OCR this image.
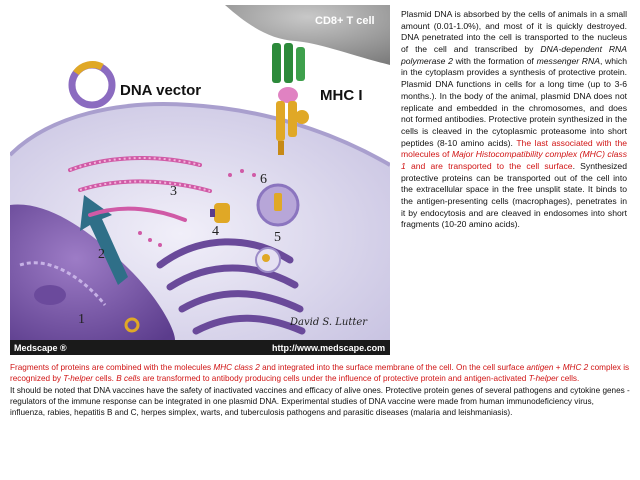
CD8+ T cell
MHC I
DNA vector
1
2
3
4	5
6
David S. Lutter
Medscape ®	http://www.medscape.com
Plasmid DNA is absorbed by the cells of animals in a small amount (0.01-1.0%), and most of it is quickly destroyed. DNA penetrated into the cell is transported to the nucleus of the cell and transcribed by DNA-dependent RNA polymerase 2 with the formation of messenger RNA, which in the cytoplasm provides a synthesis of protective protein. Plasmid DNA functions in cells for a long time (up to 3-6 months.). In the body of the animal, plasmid DNA does not replicate and embedded in the chromosomes, and does not formed antibodies. Protective protein synthesized in the cells is cleaved in the cytoplasmic proteasome into short peptides (8-10 amino acids). The last associated with the molecules of Major Histocompatibility complex (MHC) class 1 and are transported to the cell surface. Synthesized protective proteins can be transported out of the cell into the extracellular space in the free unsplit state. It binds to the antigen-presenting cells (macrophages), penetrates in it by endocytosis and are cleaved in endosomes into short fragments (10-20 amino acids).

Fragments of proteins are combined with the molecules MHC class 2 and integrated into the surface membrane of the cell. On the cell surface antigen + MHC 2 complex is recognized by T-helper cells. B cells are transformed to antibody producing cells under the influence of protective protein and antigen-activated T-helper cells.

It should be noted that DNA vaccines have the safety of inactivated vaccines and efficacy of alive ones. Protective protein genes of several pathogens and cytokine genes - regulators of the immune response can be integrated in one plasmid DNA. Experimental studies of DNA vaccine were made from human immunodeficiency virus, influenza, rabies, hepatitis B and C, herpes simplex, warts, and tuberculosis pathogens and parasitic diseases (malaria and leishmaniasis).
